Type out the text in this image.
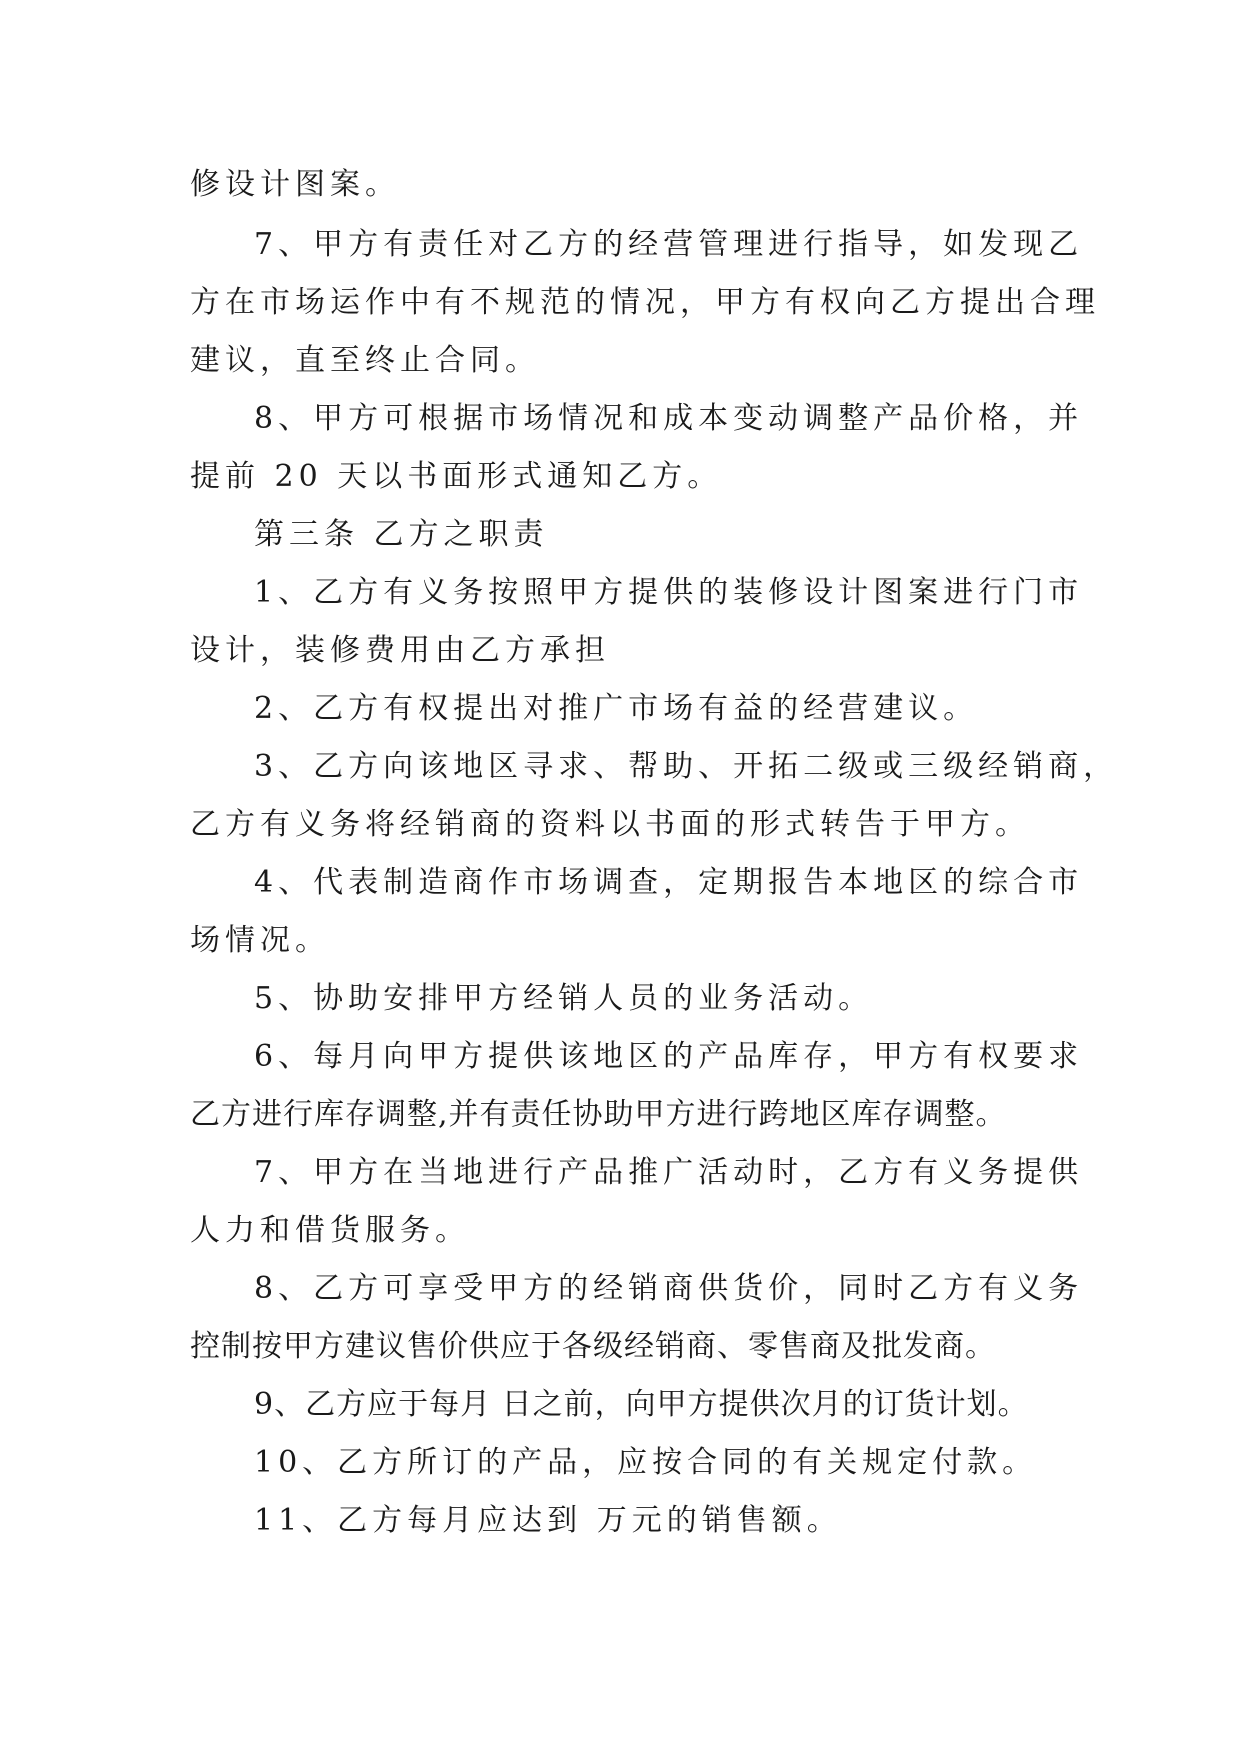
修设计图案。
7、甲方有责任对乙方的经营管理进行指导，如发现乙
方在市场运作中有不规范的情况，甲方有权向乙方提出合理
建议，直至终止合同。
8、甲方可根据市场情况和成本变动调整产品价格，并
提前 20 天以书面形式通知乙方。
第三条 乙方之职责
1、乙方有义务按照甲方提供的装修设计图案进行门市
设计，装修费用由乙方承担
2、乙方有权提出对推广市场有益的经营建议。
3、乙方向该地区寻求、帮助、开拓二级或三级经销商，
乙方有义务将经销商的资料以书面的形式转告于甲方。
4、代表制造商作市场调查，定期报告本地区的综合市
场情况。
5、协助安排甲方经销人员的业务活动。
6、每月向甲方提供该地区的产品库存，甲方有权要求
乙方进行库存调整,并有责任协助甲方进行跨地区库存调整。
7、甲方在当地进行产品推广活动时，乙方有义务提供
人力和借货服务。
8、乙方可享受甲方的经销商供货价，同时乙方有义务
控制按甲方建议售价供应于各级经销商、零售商及批发商。
9、乙方应于每月 日之前，向甲方提供次月的订货计划。
10、乙方所订的产品，应按合同的有关规定付款。
11、乙方每月应达到 万元的销售额。
